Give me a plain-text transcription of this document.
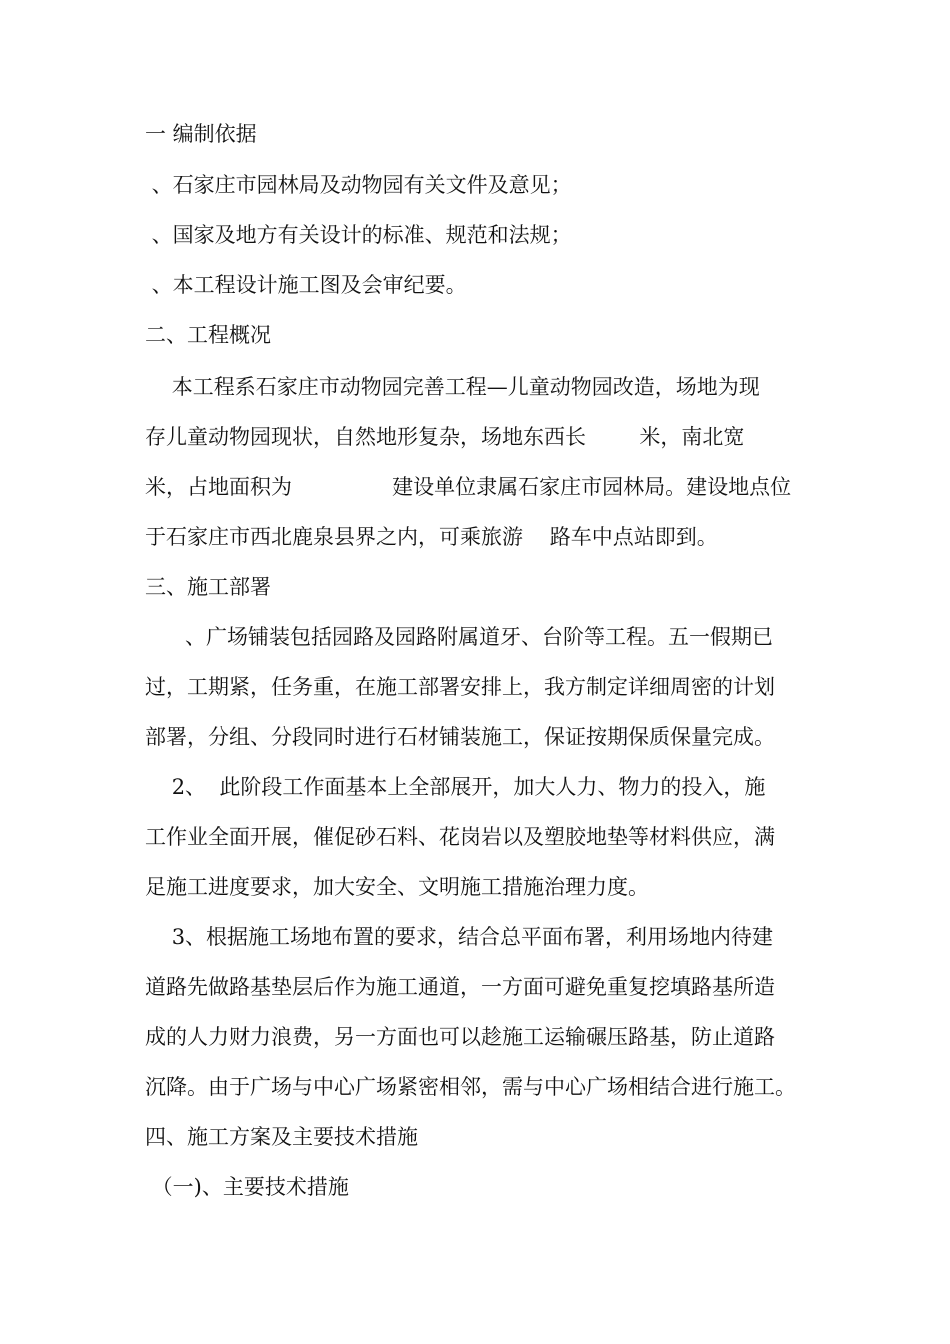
一 编制依据
、石家庄市园林局及动物园有关文件及意见；
、国家及地方有关设计的标准、规范和法规；
、本工程设计施工图及会审纪要。
二、工程概况
本工程系石家庄市动物园完善工程—儿童动物园改造，场地为现
存儿童动物园现状，自然地形复杂，场地东西长        米，南北宽
米，占地面积为               建设单位隶属石家庄市园林局。建设地点位
于石家庄市西北鹿泉县界之内，可乘旅游    路车中点站即到。
三、施工部署
、广场铺装包括园路及园路附属道牙、台阶等工程。五一假期已
过，工期紧，任务重，在施工部署安排上，我方制定详细周密的计划
部署，分组、分段同时进行石材铺装施工，保证按期保质保量完成。
2、  此阶段工作面基本上全部展开，加大人力、物力的投入，施
工作业全面开展，催促砂石料、花岗岩以及塑胶地垫等材料供应，满
足施工进度要求，加大安全、文明施工措施治理力度。
3、根据施工场地布置的要求，结合总平面布署，利用场地内待建
道路先做路基垫层后作为施工通道，一方面可避免重复挖填路基所造
成的人力财力浪费，另一方面也可以趁施工运输碾压路基，防止道路
沉降。由于广场与中心广场紧密相邻，需与中心广场相结合进行施工。
四、施工方案及主要技术措施
（一)、主要技术措施
